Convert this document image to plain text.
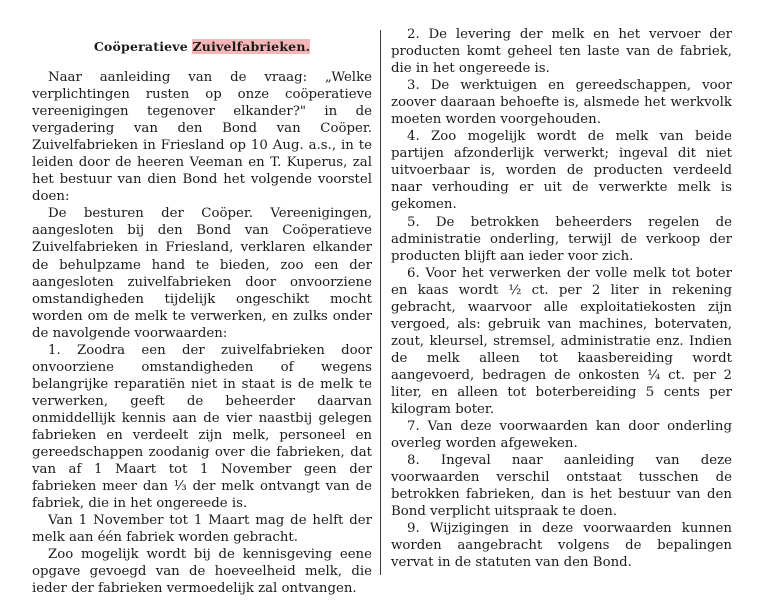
Coöperatieve Zuivelfabrieken.

Naar aanleiding van de vraag: „Welke verplichtingen rusten op onze coöperatieve vereenigingen tegenover elkander?" in de vergadering van den Bond van Coöper. Zuivelfabrieken in Friesland op 10 Aug. a.s., in te leiden door de heeren Veeman en T. Kuperus, zal het bestuur van dien Bond het volgende voorstel doen:

De besturen der Coöper. Vereenigingen, aangesloten bij den Bond van Coöperatieve Zuivelfabrieken in Friesland, verklaren elkander de behulpzame hand te bieden, zoo een der aangesloten zuivelfabrieken door onvoorziene omstandigheden tijdelijk ongeschikt mocht worden om de melk te verwerken, en zulks onder de navolgende voorwaarden:

1. Zoodra een der zuivelfabrieken door onvoorziene omstandigheden of wegens belangrijke reparatiën niet in staat is de melk te verwerken, geeft de beheerder daarvan onmiddellijk kennis aan de vier naastbij gelegen fabrieken en verdeelt zijn melk, personeel en gereedschappen zoodanig over die fabrieken, dat van af 1 Maart tot 1 November geen der fabrieken meer dan ⅓ der melk ontvangt van de fabriek, die in het ongereede is.

Van 1 November tot 1 Maart mag de helft der melk aan één fabriek worden gebracht.

Zoo mogelijk wordt bij de kennisgeving eene opgave gevoegd van de hoeveelheid melk, die ieder der fabrieken vermoedelijk zal ontvangen.

2. De levering der melk en het vervoer der producten komt geheel ten laste van de fabriek, die in het ongereede is.

3. De werktuigen en gereedschappen, voor zoover daaraan behoefte is, alsmede het werkvolk moeten worden voorgehouden.

4. Zoo mogelijk wordt de melk van beide partijen afzonderlijk verwerkt; ingeval dit niet uitvoerbaar is, worden de producten verdeeld naar verhouding er uit de verwerkte melk is gekomen.

5. De betrokken beheerders regelen de administratie onderling, terwijl de verkoop der producten blijft aan ieder voor zich.

6. Voor het verwerken der volle melk tot boter en kaas wordt ½ ct. per 2 liter in rekening gebracht, waarvoor alle exploitatiekosten zijn vergoed, als: gebruik van machines, botervaten, zout, kleursel, stremsel, administratie enz. Indien de melk alleen tot kaasbereiding wordt aangevoerd, bedragen de onkosten ¼ ct. per 2 liter, en alleen tot boterbereiding 5 cents per kilogram boter.

7. Van deze voorwaarden kan door onderling overleg worden afgeweken.

8. Ingeval naar aanleiding van deze voorwaarden verschil ontstaat tusschen de betrokken fabrieken, dan is het bestuur van den Bond verplicht uitspraak te doen.

9. Wijzigingen in deze voorwaarden kunnen worden aangebracht volgens de bepalingen vervat in de statuten van den Bond.
